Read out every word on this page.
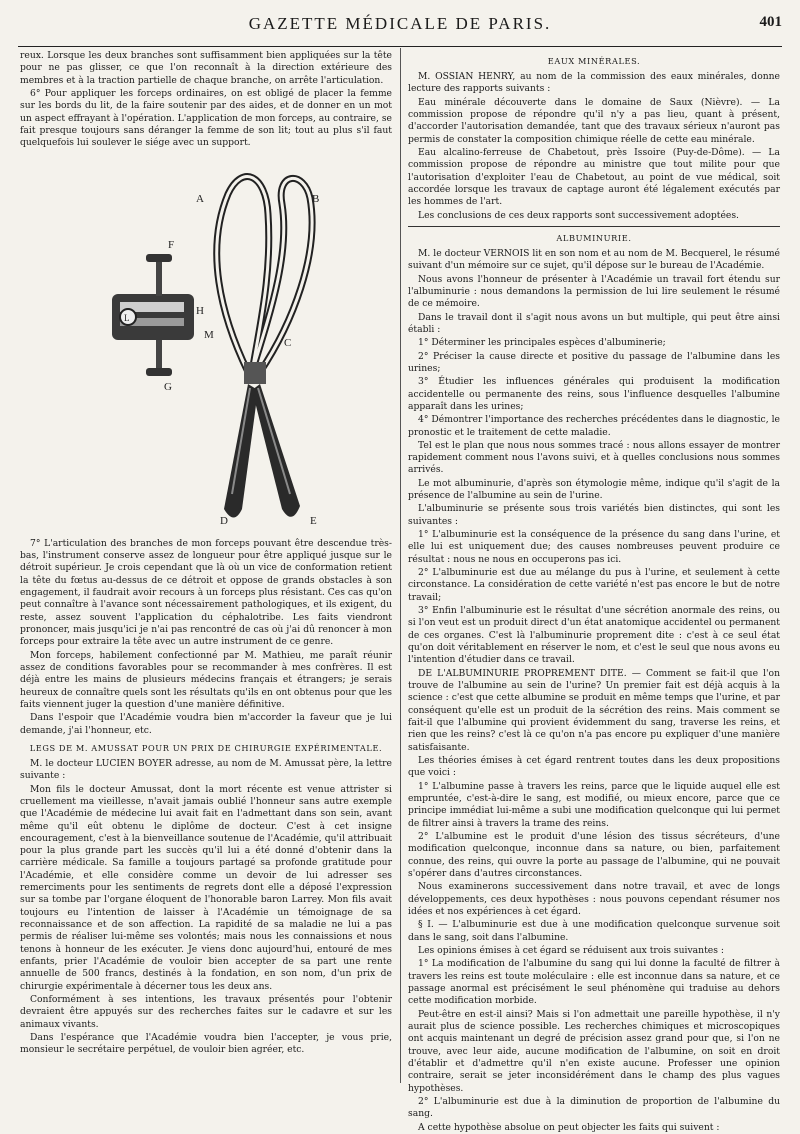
GAZETTE MÉDICALE DE PARIS.	401

reux. Lorsque les deux branches sont suffisamment bien appliquées sur la tête pour ne pas glisser, ce que l'on reconnaît à la direction extérieure des membres et à la traction partielle de chaque branche, on arrête l'articulation.

6° Pour appliquer les forceps ordinaires, on est obligé de placer la femme sur les bords du lit, de la faire soutenir par des aides, et de donner en un mot un aspect effrayant à l'opération. L'application de mon forceps, au contraire, se fait presque toujours sans déranger la femme de son lit; tout au plus s'il faut quelquefois lui soulever le siége avec un support.

L
A	B
C
D	E
F
G
H
M

7° L'articulation des branches de mon forceps pouvant être descendue très-bas, l'instrument conserve assez de longueur pour être appliqué jusque sur le détroit supérieur. Je crois cependant que là où un vice de conformation retient la tête du fœtus au-dessus de ce détroit et oppose de grands obstacles à son engagement, il faudrait avoir recours à un forceps plus résistant. Ces cas qu'on peut connaître à l'avance sont nécessairement pathologiques, et ils exigent, du reste, assez souvent l'application du céphalotribe. Les faits viendront prononcer, mais jusqu'ici je n'ai pas rencontré de cas où j'ai dû renoncer à mon forceps pour extraire la tête avec un autre instrument de ce genre.

Mon forceps, habilement confectionné par M. Mathieu, me paraît réunir assez de conditions favorables pour se recommander à mes confrères. Il est déjà entre les mains de plusieurs médecins français et étrangers; je serais heureux de connaître quels sont les résultats qu'ils en ont obtenus pour que les faits viennent juger la question d'une manière définitive.

Dans l'espoir que l'Académie voudra bien m'accorder la faveur que je lui demande, j'ai l'honneur, etc.

LEGS DE M. AMUSSAT POUR UN PRIX DE CHIRURGIE EXPÉRIMENTALE.

M. le docteur LUCIEN BOYER adresse, au nom de M. Amussat père, la lettre suivante :

Mon fils le docteur Amussat, dont la mort récente est venue attrister si cruellement ma vieillesse, n'avait jamais oublié l'honneur sans autre exemple que l'Académie de médecine lui avait fait en l'admettant dans son sein, avant même qu'il eût obtenu le diplôme de docteur. C'est à cet insigne encouragement, c'est à la bienveillance soutenue de l'Académie, qu'il attribuait pour la plus grande part les succès qu'il lui a été donné d'obtenir dans la carrière médicale. Sa famille a toujours partagé sa profonde gratitude pour l'Académie, et elle considère comme un devoir de lui adresser ses remerciments pour les sentiments de regrets dont elle a déposé l'expression sur sa tombe par l'organe éloquent de l'honorable baron Larrey. Mon fils avait toujours eu l'intention de laisser à l'Académie un témoignage de sa reconnaissance et de son affection. La rapidité de sa maladie ne lui a pas permis de réaliser lui-même ses volontés; mais nous les connaissions et nous tenons à honneur de les exécuter. Je viens donc aujourd'hui, entouré de mes enfants, prier l'Académie de vouloir bien accepter de sa part une rente annuelle de 500 francs, destinés à la fondation, en son nom, d'un prix de chirurgie expérimentale à décerner tous les deux ans.

Conformément à ses intentions, les travaux présentés pour l'obtenir devraient être appuyés sur des recherches faites sur le cadavre et sur les animaux vivants.

Dans l'espérance que l'Académie voudra bien l'accepter, je vous prie, monsieur le secrétaire perpétuel, de vouloir bien agréer, etc.

EAUX MINÉRALES.

M. OSSIAN HENRY, au nom de la commission des eaux minérales, donne lecture des rapports suivants :

Eau minérale découverte dans le domaine de Saux (Nièvre). — La commission propose de répondre qu'il n'y a pas lieu, quant à présent, d'accorder l'autorisation demandée, tant que des travaux sérieux n'auront pas permis de constater la composition chimique réelle de cette eau minérale.

Eau alcalino-ferreuse de Chabetout, près Issoire (Puy-de-Dôme). — La commission propose de répondre au ministre que tout milite pour que l'autorisation d'exploiter l'eau de Chabetout, au point de vue médical, soit accordée lorsque les travaux de captage auront été légalement exécutés par les hommes de l'art.

Les conclusions de ces deux rapports sont successivement adoptées.

ALBUMINURIE.

M. le docteur VERNOIS lit en son nom et au nom de M. Becquerel, le résumé suivant d'un mémoire sur ce sujet, qu'il dépose sur le bureau de l'Académie.

Nous avons l'honneur de présenter à l'Académie un travail fort étendu sur l'albuminurie : nous demandons la permission de lui lire seulement le résumé de ce mémoire.

Dans le travail dont il s'agit nous avons un but multiple, qui peut être ainsi établi :

1° Déterminer les principales espèces d'albuminerie;

2° Préciser la cause directe et positive du passage de l'albumine dans les urines;

3° Étudier les influences générales qui produisent la modification accidentelle ou permanente des reins, sous l'influence desquelles l'albumine apparaît dans les urines;

4° Démontrer l'importance des recherches précédentes dans le diagnostic, le pronostic et le traitement de cette maladie.

Tel est le plan que nous nous sommes tracé : nous allons essayer de montrer rapidement comment nous l'avons suivi, et à quelles conclusions nous sommes arrivés.

Le mot albuminurie, d'après son étymologie même, indique qu'il s'agit de la présence de l'albumine au sein de l'urine.

L'albuminurie se présente sous trois variétés bien distinctes, qui sont les suivantes :

1° L'albuminurie est la conséquence de la présence du sang dans l'urine, et elle lui est uniquement due; des causes nombreuses peuvent produire ce résultat : nous ne nous en occuperons pas ici.

2° L'albuminurie est due au mélange du pus à l'urine, et seulement à cette circonstance. La considération de cette variété n'est pas encore le but de notre travail;

3° Enfin l'albuminurie est le résultat d'une sécrétion anormale des reins, ou si l'on veut est un produit direct d'un état anatomique accidentel ou permanent de ces organes. C'est là l'albuminurie proprement dite : c'est à ce seul état qu'on doit véritablement en réserver le nom, et c'est le seul que nous avons eu l'intention d'étudier dans ce travail.

DE L'ALBUMINURIE PROPREMENT DITE. — Comment se fait-il que l'on trouve de l'albumine au sein de l'urine? Un premier fait est déjà acquis à la science : c'est que cette albumine se produit en même temps que l'urine, et par conséquent qu'elle est un produit de la sécrétion des reins. Mais comment se fait-il que l'albumine qui provient évidemment du sang, traverse les reins, et rien que les reins? c'est là ce qu'on n'a pas encore pu expliquer d'une manière satisfaisante.

Les théories émises à cet égard rentrent toutes dans les deux propositions que voici :

1° L'albumine passe à travers les reins, parce que le liquide auquel elle est empruntée, c'est-à-dire le sang, est modifié, ou mieux encore, parce que ce principe immédiat lui-même a subi une modification quelconque qui lui permet de filtrer ainsi à travers la trame des reins.

2° L'albumine est le produit d'une lésion des tissus sécréteurs, d'une modification quelconque, inconnue dans sa nature, ou bien, parfaitement connue, des reins, qui ouvre la porte au passage de l'albumine, qui ne pouvait s'opérer dans d'autres circonstances.

Nous examinerons successivement dans notre travail, et avec de longs développements, ces deux hypothèses : nous pouvons cependant résumer nos idées et nos expériences à cet égard.

§ I. — L'albuminurie est due à une modification quelconque survenue soit dans le sang, soit dans l'albumine.

Les opinions émises à cet égard se réduisent aux trois suivantes :

1° La modification de l'albumine du sang qui lui donne la faculté de filtrer à travers les reins est toute moléculaire : elle est inconnue dans sa nature, et ce passage anormal est précisément le seul phénomène qui traduise au dehors cette modification morbide.

Peut-être en est-il ainsi? Mais si l'on admettait une pareille hypothèse, il n'y aurait plus de science possible. Les recherches chimiques et microscopiques ont acquis maintenant un degré de précision assez grand pour que, si l'on ne trouve, avec leur aide, aucune modification de l'albumine, on soit en droit d'établir et d'admettre qu'il n'en existe aucune. Professer une opinion contraire, serait se jeter inconsidérément dans le champ des plus vagues hypothèses.

2° L'albuminurie est due à la diminution de proportion de l'albumine du sang.

A cette hypothèse absolue on peut objecter les faits qui suivent :
